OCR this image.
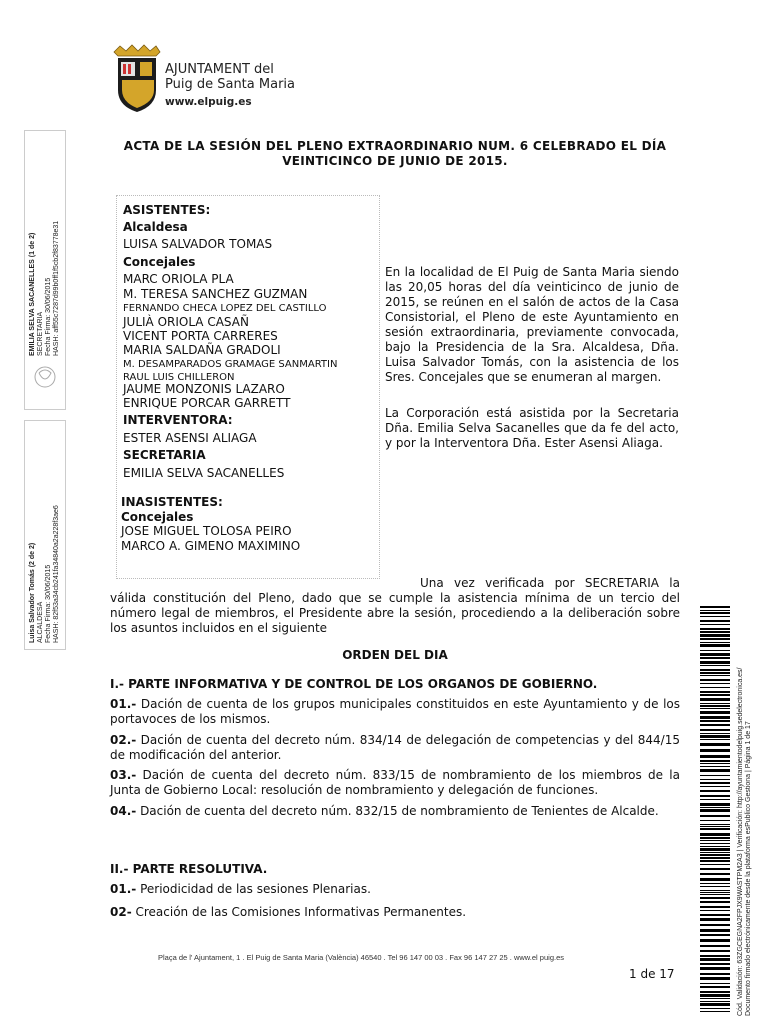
AJUNTAMENT del
Puig de Santa Maria
www.elpuig.es
EMILIA SELVA SACANELLES (1 de 2)
SECRETARIA
Fecha Firma: 30/06/2015
HASH: aff55c7287d99b0ff1f5cb2f83778e31
Luisa Salvador Tomás (2 de 2)
ALCALDESA
Fecha Firma: 30/06/2015
HASH: 82f53a34cb241fa34840a2a228f3ae6
ACTA DE LA SESIÓN DEL PLENO EXTRAORDINARIO NUM. 6 CELEBRADO EL DÍA
VEINTICINCO DE JUNIO DE 2015.
ASISTENTES:
Alcaldesa
LUISA SALVADOR TOMAS
Concejales
MARC ORIOLA PLA
M. TERESA SANCHEZ GUZMAN
FERNANDO CHECA LOPEZ DEL CASTILLO
JULIÀ ORIOLA CASAÑ
VICENT PORTA CARRERES
MARIA SALDAÑA GRADOLI
M. DESAMPARADOS GRAMAGE SANMARTIN
RAUL LUIS CHILLERON
JAUME MONZONIS LAZARO
ENRIQUE PORCAR GARRETT
INTERVENTORA:
ESTER ASENSI ALIAGA
SECRETARIA
EMILIA SELVA SACANELLES
INASISTENTES:
Concejales
JOSE MIGUEL TOLOSA PEIRO
MARCO A. GIMENO MAXIMINO
En la localidad de El Puig de Santa Maria siendo las 20,05 horas del día veinticinco de junio de 2015, se reúnen en el salón de actos de la Casa Consistorial, el Pleno de este Ayuntamiento en sesión extraordinaria, previamente convocada, bajo la Presidencia de la Sra. Alcaldesa, Dña. Luisa Salvador Tomás, con la asistencia de los Sres. Concejales que se enumeran al margen.
La Corporación está asistida por la Secretaria Dña. Emilia Selva Sacanelles que da fe del acto, y por la Interventora Dña. Ester Asensi Aliaga.
Una vez verificada por SECRETARIA la válida constitución del Pleno, dado que se cumple la asistencia mínima de un tercio del número legal de miembros, el Presidente abre la sesión, procediendo a la deliberación sobre los asuntos incluidos en el siguiente
ORDEN DEL DIA
I.- PARTE INFORMATIVA Y DE CONTROL DE LOS ORGANOS DE GOBIERNO.
01.- Dación de cuenta de los grupos municipales constituidos en este Ayuntamiento y de los portavoces de los mismos.
02.- Dación de cuenta del decreto núm. 834/14 de delegación de competencias y del 844/15 de modificación del anterior.
03.- Dación de cuenta del decreto núm. 833/15 de nombramiento de los miembros de la Junta de Gobierno Local: resolución de nombramiento y delegación de funciones.
04.- Dación de cuenta del decreto núm. 832/15 de nombramiento de Tenientes de Alcalde.
II.- PARTE RESOLUTIVA.
01.- Periodicidad de las sesiones Plenarias.
02- Creación de las Comisiones Informativas Permanentes.
Plaça de l' Ajuntament, 1 . El Puig de Santa Maria (València) 46540 . Tel 96 147 00 03 . Fax 96 147 27 25 . www.el puig.es
1 de 17	Cód. Validación: 63ZGCEGNA2FPJX9WASTPM2A3 | Verificación: http://ayuntamientodelpuig.sedelectronica.es/ Documento firmado electrónicamente desde la plataforma esPublico Gestiona | Página 1 de 17
